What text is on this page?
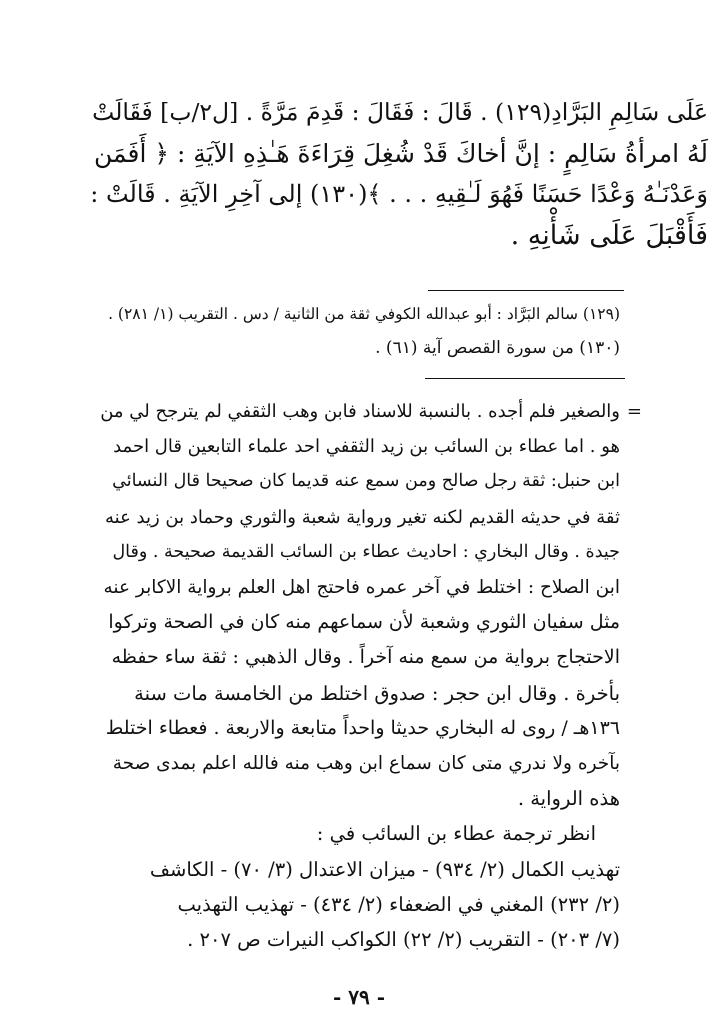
عَلَى سَالِمِ البَرَّادِ(١٢٩) . قَالَ : فَقَالَ : قَدِمَ مَرَّةً . [ل٢/ب] فَقَالَتْ
لَهُ امرأةُ سَالِمٍ : إنَّ أخاكَ قَدْ شُغِلَ قِرَاءَةَ هَـٰذِهِ الآيَةِ : ﴿ أَفَمَن
وَعَدْنَـٰهُ وَعْدًا حَسَنًا فَهُوَ لَـٰقِيهِ . . . ﴾(١٣٠) إلى آخِرِ الآيَةِ . قَالَتْ :
فَأَقْبَلَ عَلَى شَأْنِهِ .
(١٢٩) سالم البَرَّاد : أبو عبدالله الكوفي ثقة من الثانية / دس . التقريب (١/ ٢٨١) .
(١٣٠) من سورة القصص آية (٦١) .
=
والصغير فلم أجده . بالنسبة للاسناد فابن وهب الثقفي لم يترجح لي من
هو . اما عطاء بن السائب بن زيد الثقفي احد علماء التابعين قال احمد
ابن حنبل: ثقة رجل صالح ومن سمع عنه قديما كان صحيحا قال النسائي
ثقة في حديثه القديم لكنه تغير ورواية شعبة والثوري وحماد بن زيد عنه
جيدة . وقال البخاري : احاديث عطاء بن السائب القديمة صحيحة . وقال
ابن الصلاح : اختلط في آخر عمره فاحتج اهل العلم برواية الاكابر عنه
مثل سفيان الثوري وشعبة لأن سماعهم منه كان في الصحة وتركوا
الاحتجاج برواية من سمع منه آخراً . وقال الذهبي : ثقة ساء حفظه
بأخرة . وقال ابن حجر : صدوق اختلط من الخامسة مات سنة
١٣٦هـ / روى له البخاري حديثا واحداً متابعة والاربعة . فعطاء اختلط
بآخره ولا ندري متى كان سماع ابن وهب منه فالله اعلم بمدى صحة
هذه الرواية .
انظر ترجمة عطاء بن السائب في :
تهذيب الكمال (٢/ ٩٣٤) - ميزان الاعتدال (٣/ ٧٠) - الكاشف
(٢/ ٢٣٢) المغني في الضعفاء (٢/ ٤٣٤) - تهذيب التهذيب
(٧/ ٢٠٣) - التقريب (٢/ ٢٢) الكواكب النيرات ص ٢٠٧ .
- ٧٩ -
